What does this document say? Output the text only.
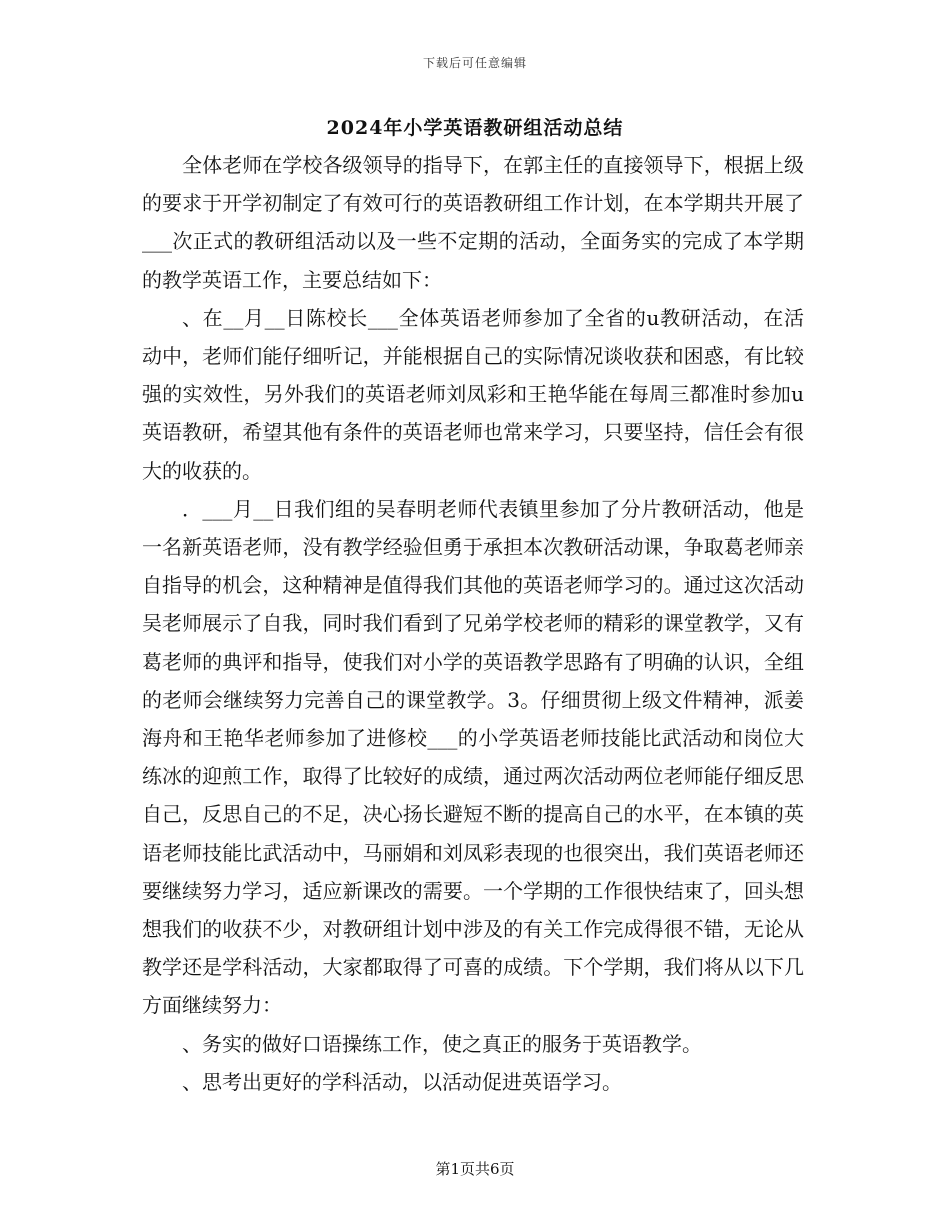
下载后可任意编辑
2024年小学英语教研组活动总结

全体老师在学校各级领导的指导下，在郭主任的直接领导下，根据上级的要求于开学初制定了有效可行的英语教研组工作计划，在本学期共开展了___次正式的教研组活动以及一些不定期的活动，全面务实的完成了本学期的教学英语工作，主要总结如下：

、在__月__日陈校长___全体英语老师参加了全省的u教研活动，在活动中，老师们能仔细听记，并能根据自己的实际情况谈收获和困惑，有比较强的实效性，另外我们的英语老师刘凤彩和王艳华能在每周三都准时参加u英语教研，希望其他有条件的英语老师也常来学习，只要坚持，信任会有很大的收获的。

．___月__日我们组的吴春明老师代表镇里参加了分片教研活动，他是一名新英语老师，没有教学经验但勇于承担本次教研活动课，争取葛老师亲自指导的机会，这种精神是值得我们其他的英语老师学习的。通过这次活动吴老师展示了自我，同时我们看到了兄弟学校老师的精彩的课堂教学，又有葛老师的典评和指导，使我们对小学的英语教学思路有了明确的认识，全组的老师会继续努力完善自己的课堂教学。3。仔细贯彻上级文件精神，派姜海舟和王艳华老师参加了进修校___的小学英语老师技能比武活动和岗位大练冰的迎煎工作，取得了比较好的成绩，通过两次活动两位老师能仔细反思自己，反思自己的不足，决心扬长避短不断的提高自己的水平，在本镇的英语老师技能比武活动中，马丽娟和刘凤彩表现的也很突出，我们英语老师还要继续努力学习，适应新课改的需要。一个学期的工作很快结束了，回头想想我们的收获不少，对教研组计划中涉及的有关工作完成得很不错，无论从教学还是学科活动，大家都取得了可喜的成绩。下个学期，我们将从以下几方面继续努力：

、务实的做好口语操练工作，使之真正的服务于英语教学。

、思考出更好的学科活动，以活动促进英语学习。

第1页共6页
